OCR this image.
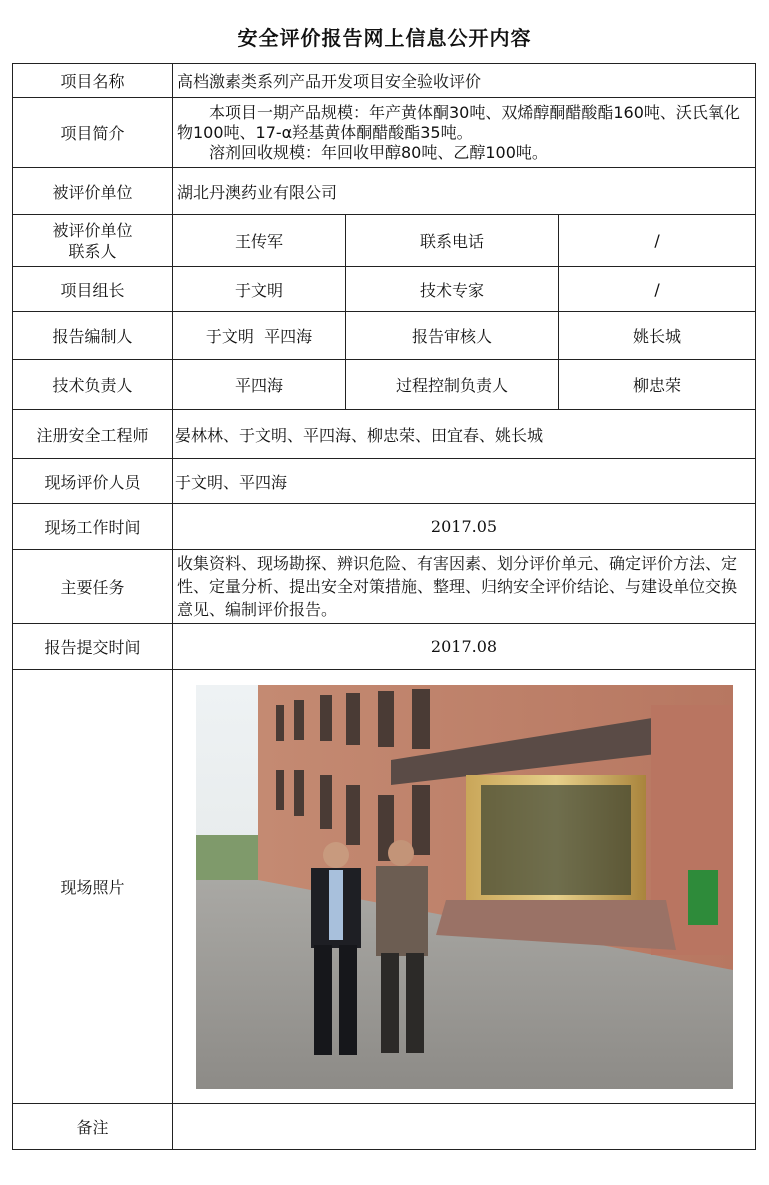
安全评价报告网上信息公开内容
项目名称	高档激素类系列产品开发项目安全验收评价		
项目简介	本项目一期产品规模：年产黄体酮30吨、双烯醇酮醋酸酯160吨、沃氏氧化物100吨、17-α羟基黄体酮醋酸酯35吨。

溶剂回收规模：年回收甲醇80吨、乙醇100吨。		

被评价单位	湖北丹澳药业有限公司		

被评价单位
联系人	王传军	联系电话	/
项目组长	于文明	技术专家	/
报告编制人	于文明  平四海	报告审核人	姚长城
技术负责人	平四海	过程控制负责人	柳忠荣
注册安全工程师	晏林林、于文明、平四海、柳忠荣、田宜春、姚长城		
现场评价人员	于文明、平四海		
现场工作时间	2017.05		
主要任务	收集资料、现场勘探、辨识危险、有害因素、划分评价单元、确定评价方法、定性、定量分析、提出安全对策措施、整理、归纳安全评价结论、与建设单位交换意见、编制评价报告。		
报告提交时间	2017.08		
现场照片	

备注			
